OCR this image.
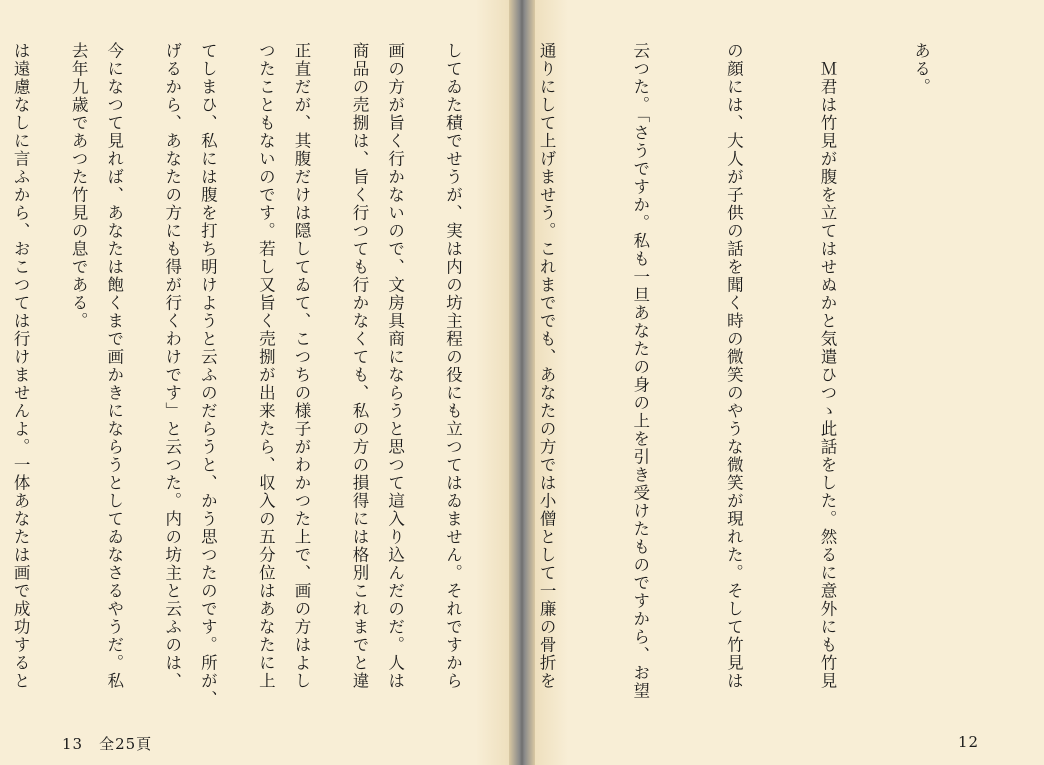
画の方が旨く行かないので、文房具商にならうと思つて這入り込んだのだ。人は

正直だが、其腹だけは隠してゐて、こつちの様子がわかつた上で、画の方はよし

てしまひ、私には腹を打ち明けようと云ふのだらうと、かう思つたのです。所が、

今になつて見れば、あなたは飽くまで画かきにならうとしてゐなさるやうだ。私

は遠慮なしに言ふから、おこつては行けませんよ。一体あなたは画で成功すると

13　全25頁

ある。

　Ｍ君は竹見が腹を立てはせぬかと気遣ひつゝ此話をした。然るに意外にも竹見

の顔には、大人が子供の話を聞く時の微笑のやうな微笑が現れた。そして竹見は

云つた。「さうですか。私も一旦あなたの身の上を引き受けたものですから、お望

通りにして上げませう。これまででも、あなたの方では小僧として一廉の骨折を

してゐた積でせうが、実は内の坊主程の役にも立つてはゐません。それですから

商品の売捌は、旨く行つても行かなくても、私の方の損得には格別これまでと違

つたこともないのです。若し又旨く売捌が出来たら、収入の五分位はあなたに上

げるから、あなたの方にも得が行くわけです」と云つた。内の坊主と云ふのは、

去年九歳であつた竹見の息である。

12
